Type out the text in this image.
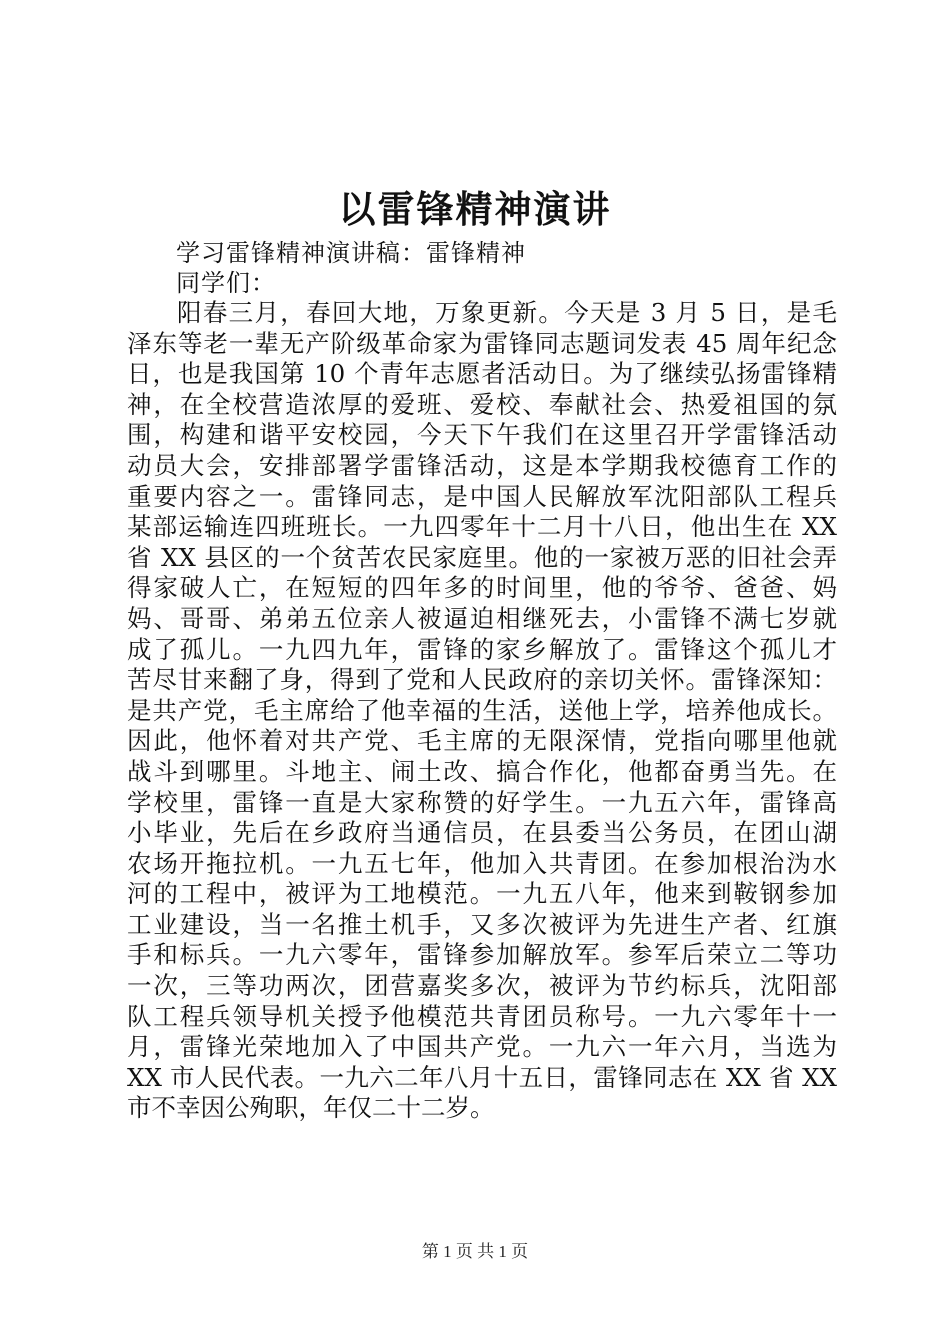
以雷锋精神演讲
学习雷锋精神演讲稿：雷锋精神
同学们：
阳春三月，春回大地，万象更新。今天是 3 月 5 日，是毛
泽东等老一辈无产阶级革命家为雷锋同志题词发表 45 周年纪念
日，也是我国第 10 个青年志愿者活动日。为了继续弘扬雷锋精
神，在全校营造浓厚的爱班、爱校、奉献社会、热爱祖国的氛
围，构建和谐平安校园，今天下午我们在这里召开学雷锋活动
动员大会，安排部署学雷锋活动，这是本学期我校德育工作的
重要内容之一。雷锋同志，是中国人民解放军沈阳部队工程兵
某部运输连四班班长。一九四零年十二月十八日，他出生在 XX
省 XX 县区的一个贫苦农民家庭里。他的一家被万恶的旧社会弄
得家破人亡，在短短的四年多的时间里，他的爷爷、爸爸、妈
妈、哥哥、弟弟五位亲人被逼迫相继死去，小雷锋不满七岁就
成了孤儿。一九四九年，雷锋的家乡解放了。雷锋这个孤儿才
苦尽甘来翻了身，得到了党和人民政府的亲切关怀。雷锋深知：
是共产党，毛主席给了他幸福的生活，送他上学，培养他成长。
因此，他怀着对共产党、毛主席的无限深情，党指向哪里他就
战斗到哪里。斗地主、闹土改、搞合作化，他都奋勇当先。在
学校里，雷锋一直是大家称赞的好学生。一九五六年，雷锋高
小毕业，先后在乡政府当通信员，在县委当公务员，在团山湖
农场开拖拉机。一九五七年，他加入共青团。在参加根治沩水
河的工程中，被评为工地模范。一九五八年，他来到鞍钢参加
工业建设，当一名推土机手，又多次被评为先进生产者、红旗
手和标兵。一九六零年，雷锋参加解放军。参军后荣立二等功
一次，三等功两次，团营嘉奖多次，被评为节约标兵，沈阳部
队工程兵领导机关授予他模范共青团员称号。一九六零年十一
月，雷锋光荣地加入了中国共产党。一九六一年六月，当选为
XX 市人民代表。一九六二年八月十五日，雷锋同志在 XX 省 XX
市不幸因公殉职，年仅二十二岁。
第 1 页 共 1 页
